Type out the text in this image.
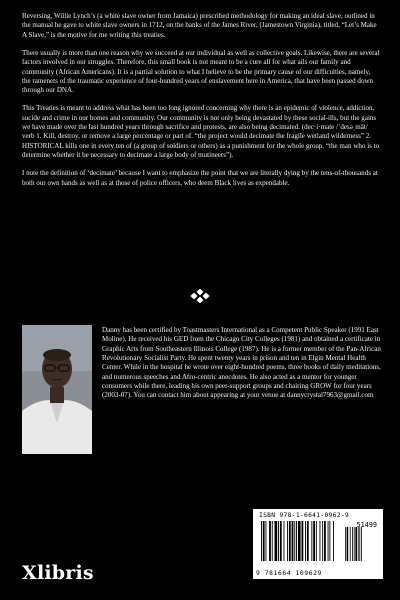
Reversing, Willie Lynch’s (a white slave owner from Jamaica) prescribed methodology for making an ideal slave, outlined in the manual he gave to white slave owners in 1712, on the banks of the James River, (Jamestown Virginia), titled, “Let’s Make A Slave,” is the motive for me writing this treaties.

There usually is more than one reason why we succeed at our individual as well as collective goals. Likewise, there are several factors involved in our struggles. Therefore, this small book is not meant to be a cure all for what ails our family and community (African Americans). It is a partial solution to what I believe to be the primary cause of our difficulties, namely, the ramenets of the traumatic experience of four-hundred years of enslavement here in America, that have been passed down through our DNA.

This Treaties is meant to address what has been too long ignored concerning why there is an epidemic of violence, addiction, sucide and crime in our homes and community. Our community is not only being devastated by these social-ills, but the gains we have made over the last hundred years through sacrifice and protests, are also being decimated. (dec·i·mate /ˈdesəˌmāt/ verb 1. Kill, destroy, or remove a large percentage or part of. “the project would decimate the fragile wetland wilderness” 2. HISTORICAL kills one in every ten of (a group of soldiers or others) as a punishment for the whole group. “the man who is to determine whether it be necessary to decimate a large body of mutineers”).

I note the definition of ‘decimate’ because I want to emphasize the point that we are literally dying by the tens-of-thousands at both our own hands as well as at those of police officers, who deem Black lives as expendable.

Danny has been certified by Toastmasters International as a Competent Public Speaker (1991 East Moline). He received his GED from the Chicago City Colleges (1981) and obtained a certificate in Graphic Arts from Southeastern Illinois College (1987). He is a former member of the Pan-African Revolutionary Socialist Party. He spent twenty years in prison and ten in Elgin Mental Health Center. While in the hospital he wrote over eight-hundred poems, three books of daily meditations, and numerous speeches and Afro-centric anecdotes. He also acted as a mentor for younger consumers while there, leading his own peer-support groups and chairing GROW for four years (2003-07). You can contact him about appearing at your venue at dannycrystal7963@gmail.com

ISBN 978-1-6641-0962-9
51499
9 781664 109629
Xlibris
